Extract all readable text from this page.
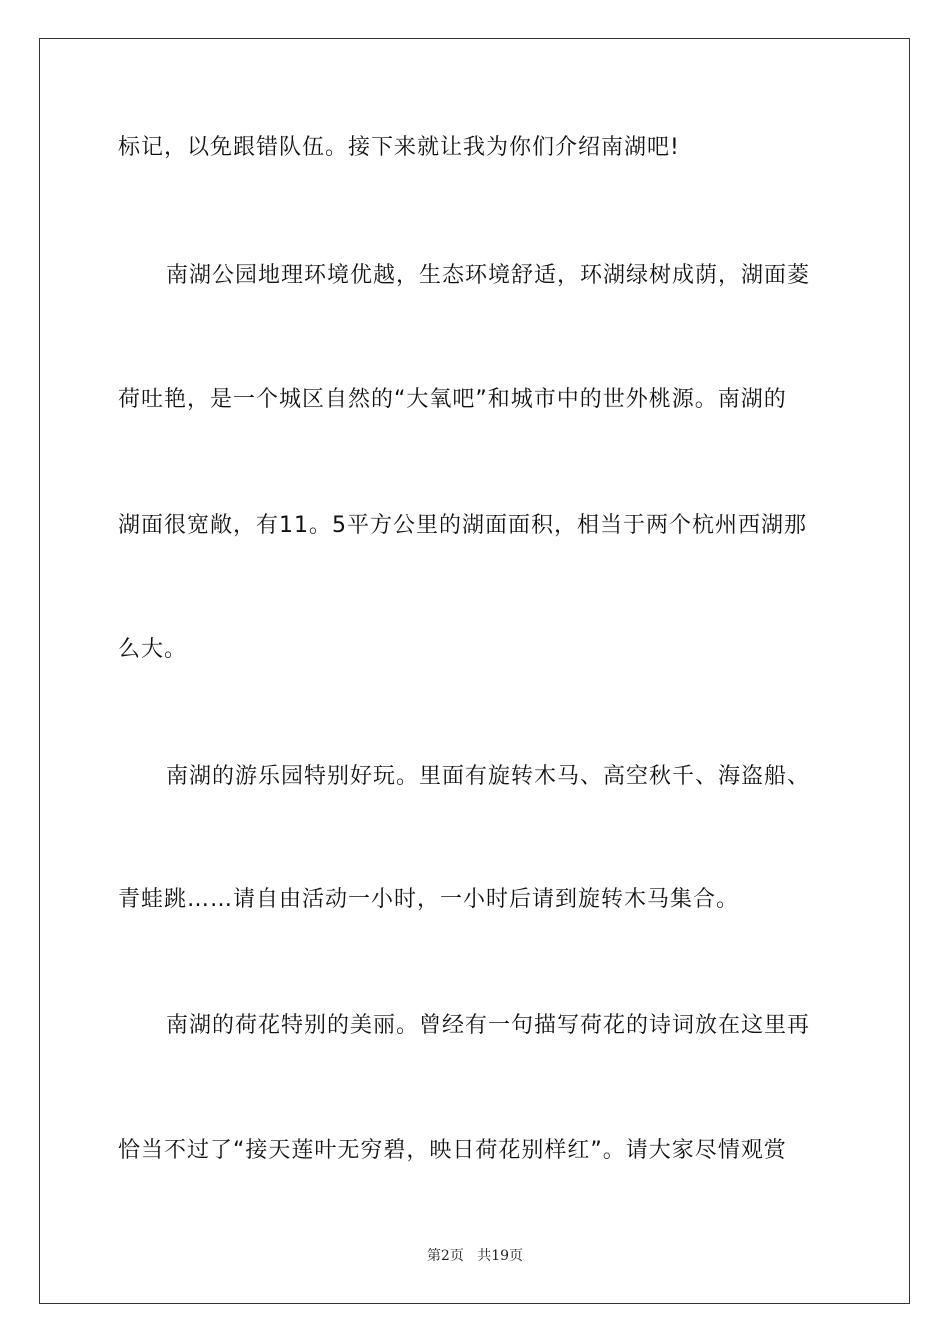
标记，以免跟错队伍。接下来就让我为你们介绍南湖吧!
南湖公园地理环境优越，生态环境舒适，环湖绿树成荫，湖面菱
荷吐艳，是一个城区自然的“大氧吧”和城市中的世外桃源。南湖的
湖面很宽敞，有11。5平方公里的湖面面积，相当于两个杭州西湖那
么大。
南湖的游乐园特别好玩。里面有旋转木马、高空秋千、海盗船、
青蛙跳……请自由活动一小时，一小时后请到旋转木马集合。
南湖的荷花特别的美丽。曾经有一句描写荷花的诗词放在这里再
恰当不过了“接天莲叶无穷碧，映日荷花别样红”。请大家尽情观赏
第2页 共19页
